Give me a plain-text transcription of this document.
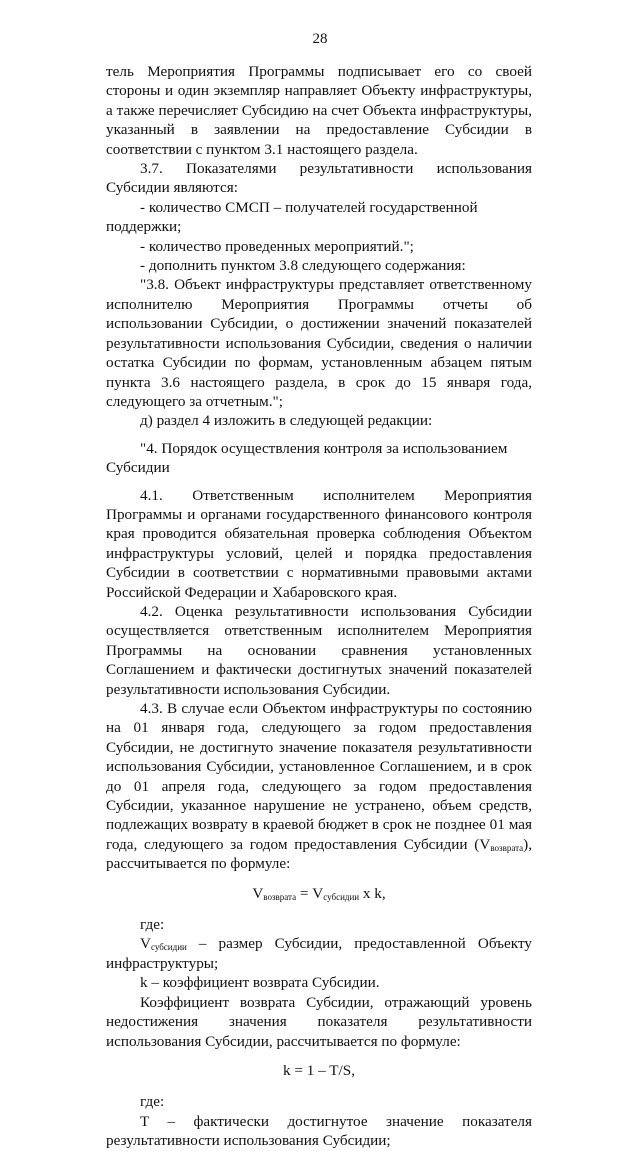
28

тель Мероприятия Программы подписывает его со своей стороны и один экземпляр направляет Объекту инфраструктуры, а также перечисляет Субсидию на счет Объекта инфраструктуры, указанный в заявлении на предоставление Субсидии в соответствии с пунктом 3.1 настоящего раздела.

3.7. Показателями результативности использования Субсидии являются:

- количество СМСП – получателей государственной поддержки;

- количество проведенных мероприятий.";

- дополнить пунктом 3.8 следующего содержания:

"3.8. Объект инфраструктуры представляет ответственному исполнителю Мероприятия Программы отчеты об использовании Субсидии, о достижении значений показателей результативности использования Субсидии, сведения о наличии остатка Субсидии по формам, установленным абзацем пятым пункта 3.6 настоящего раздела, в срок до 15 января года, следующего за отчетным.";

д) раздел 4 изложить в следующей редакции:

"4. Порядок осуществления контроля за использованием Субсидии

4.1. Ответственным исполнителем Мероприятия Программы и органами государственного финансового контроля края проводится обязательная проверка соблюдения Объектом инфраструктуры условий, целей и порядка предоставления Субсидии в соответствии с нормативными правовыми актами Российской Федерации и Хабаровского края.

4.2. Оценка результативности использования Субсидии осуществляется ответственным исполнителем Мероприятия Программы на основании сравнения установленных Соглашением и фактически достигнутых значений показателей результативности использования Субсидии.

4.3. В случае если Объектом инфраструктуры по состоянию на 01 января года, следующего за годом предоставления Субсидии, не достигнуто значение показателя результативности использования Субсидии, установленное Соглашением, и в срок до 01 апреля года, следующего за годом предоставления Субсидии, указанное нарушение не устранено, объем средств, подлежащих возврату в краевой бюджет в срок не позднее 01 мая года, следующего за годом предоставления Субсидии $(V_{возврата})$, рассчитывается по формуле:

$V_{возврата} = V_{субсидии}$ x k,

где:

$V_{субсидии}$ – размер Субсидии, предоставленной Объекту инфраструктуры;

k – коэффициент возврата Субсидии.

Коэффициент возврата Субсидии, отражающий уровень недостижения значения показателя результативности использования Субсидии, рассчитывается по формуле:

k = 1 – T/S,

где:

T – фактически достигнутое значение показателя результативности использования Субсидии;
